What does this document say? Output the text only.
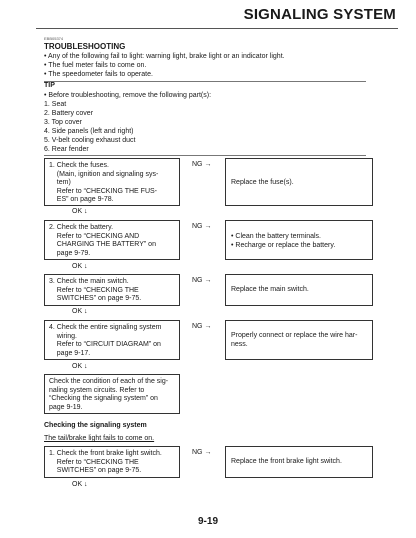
SIGNALING SYSTEM
EBB05374
TROUBLESHOOTING
• Any of the following fail to light: warning light, brake light or an indicator light.
• The fuel meter fails to come on.
• The speedometer fails to operate.
TIP
• Before troubleshooting, remove the following part(s):
1. Seat
2. Battery cover
3. Top cover
4. Side panels (left and right)
5. V-belt cooling exhaust duct
6. Rear fender
1. Check the fuses.
(Main, ignition and signaling sys-
tem)
Refer to “CHECKING THE FUS-
ES” on page 9-78.
NG →
Replace the fuse(s).
OK ↓
2. Check the battery.
Refer to “CHECKING AND
CHARGING THE BATTERY” on
page 9-79.
NG →
• Clean the battery terminals.
• Recharge or replace the battery.
OK ↓
3. Check the main switch.
Refer to “CHECKING THE
SWITCHES” on page 9-75.
NG →
Replace the main switch.
OK ↓
4. Check the entire signaling system
wiring.
Refer to “CIRCUIT DIAGRAM” on
page 9-17.
NG →
Properly connect or replace the wire har-
ness.
OK ↓
Check the condition of each of the sig-
naling system circuits. Refer to
“Checking the signaling system” on
page 9-19.
Checking the signaling system
The tail/brake light fails to come on.
1. Check the front brake light switch.
Refer to “CHECKING THE
SWITCHES” on page 9-75.
NG →
Replace the front brake light switch.
OK ↓
9-19
